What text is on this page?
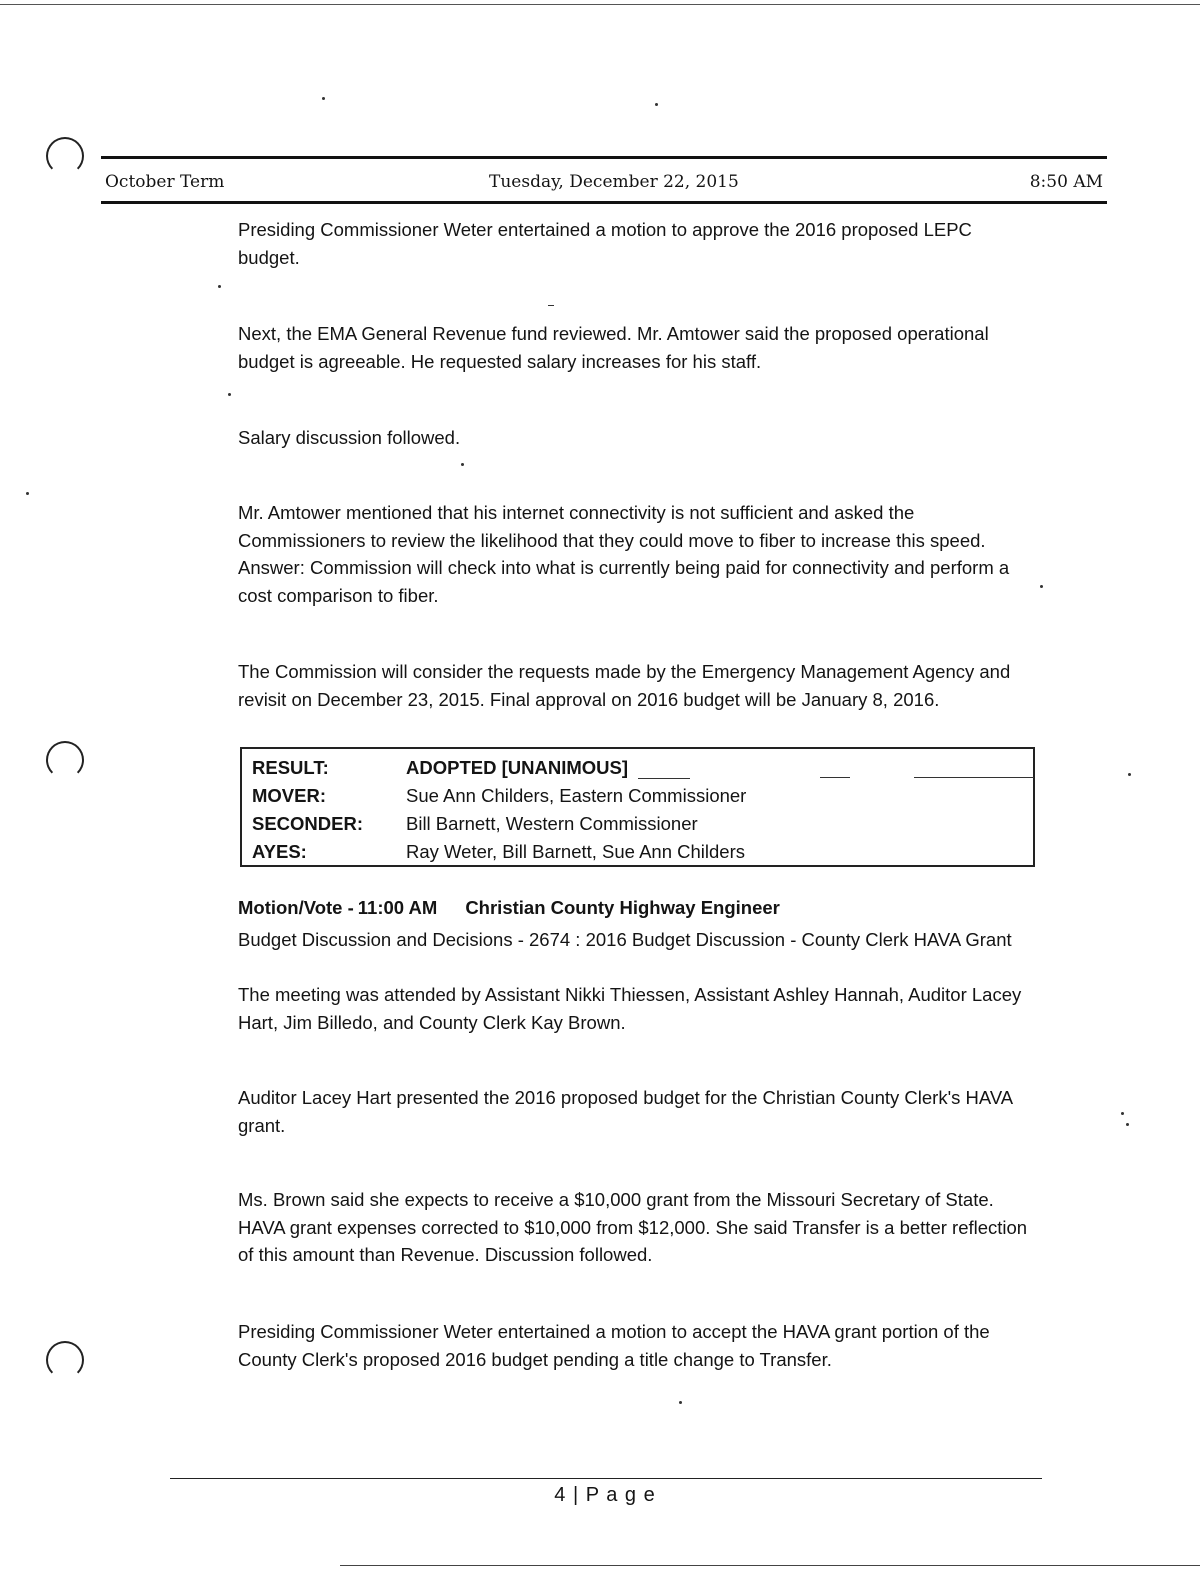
October Term	Tuesday, December 22, 2015	8:50 AM

Presiding Commissioner Weter entertained a motion to approve the 2016 proposed LEPC budget.

Next, the EMA General Revenue fund reviewed. Mr. Amtower said the proposed operational budget is agreeable. He requested salary increases for his staff.

Salary discussion followed.

Mr. Amtower mentioned that his internet connectivity is not sufficient and asked the Commissioners to review the likelihood that they could move to fiber to increase this speed. Answer: Commission will check into what is currently being paid for connectivity and perform a cost comparison to fiber.

The Commission will consider the requests made by the Emergency Management Agency and revisit on December 23, 2015. Final approval on 2016 budget will be January 8, 2016.

RESULT:	ADOPTED [UNANIMOUS]
MOVER:	Sue Ann Childers, Eastern Commissioner
SECONDER: Bill Barnett, Western Commissioner
AYES:	Ray Weter, Bill Barnett, Sue Ann Childers
Motion/Vote - 11:00 AM Christian County Highway Engineer

Budget Discussion and Decisions - 2674 : 2016 Budget Discussion - County Clerk HAVA Grant

The meeting was attended by Assistant Nikki Thiessen, Assistant Ashley Hannah, Auditor Lacey Hart, Jim Billedo, and County Clerk Kay Brown.

Auditor Lacey Hart presented the 2016 proposed budget for the Christian County Clerk's HAVA grant.

Ms. Brown said she expects to receive a $10,000 grant from the Missouri Secretary of State. HAVA grant expenses corrected to $10,000 from $12,000. She said Transfer is a better reflection of this amount than Revenue. Discussion followed.

Presiding Commissioner Weter entertained a motion to accept the HAVA grant portion of the County Clerk's proposed 2016 budget pending a title change to Transfer.

4 | P a g e
